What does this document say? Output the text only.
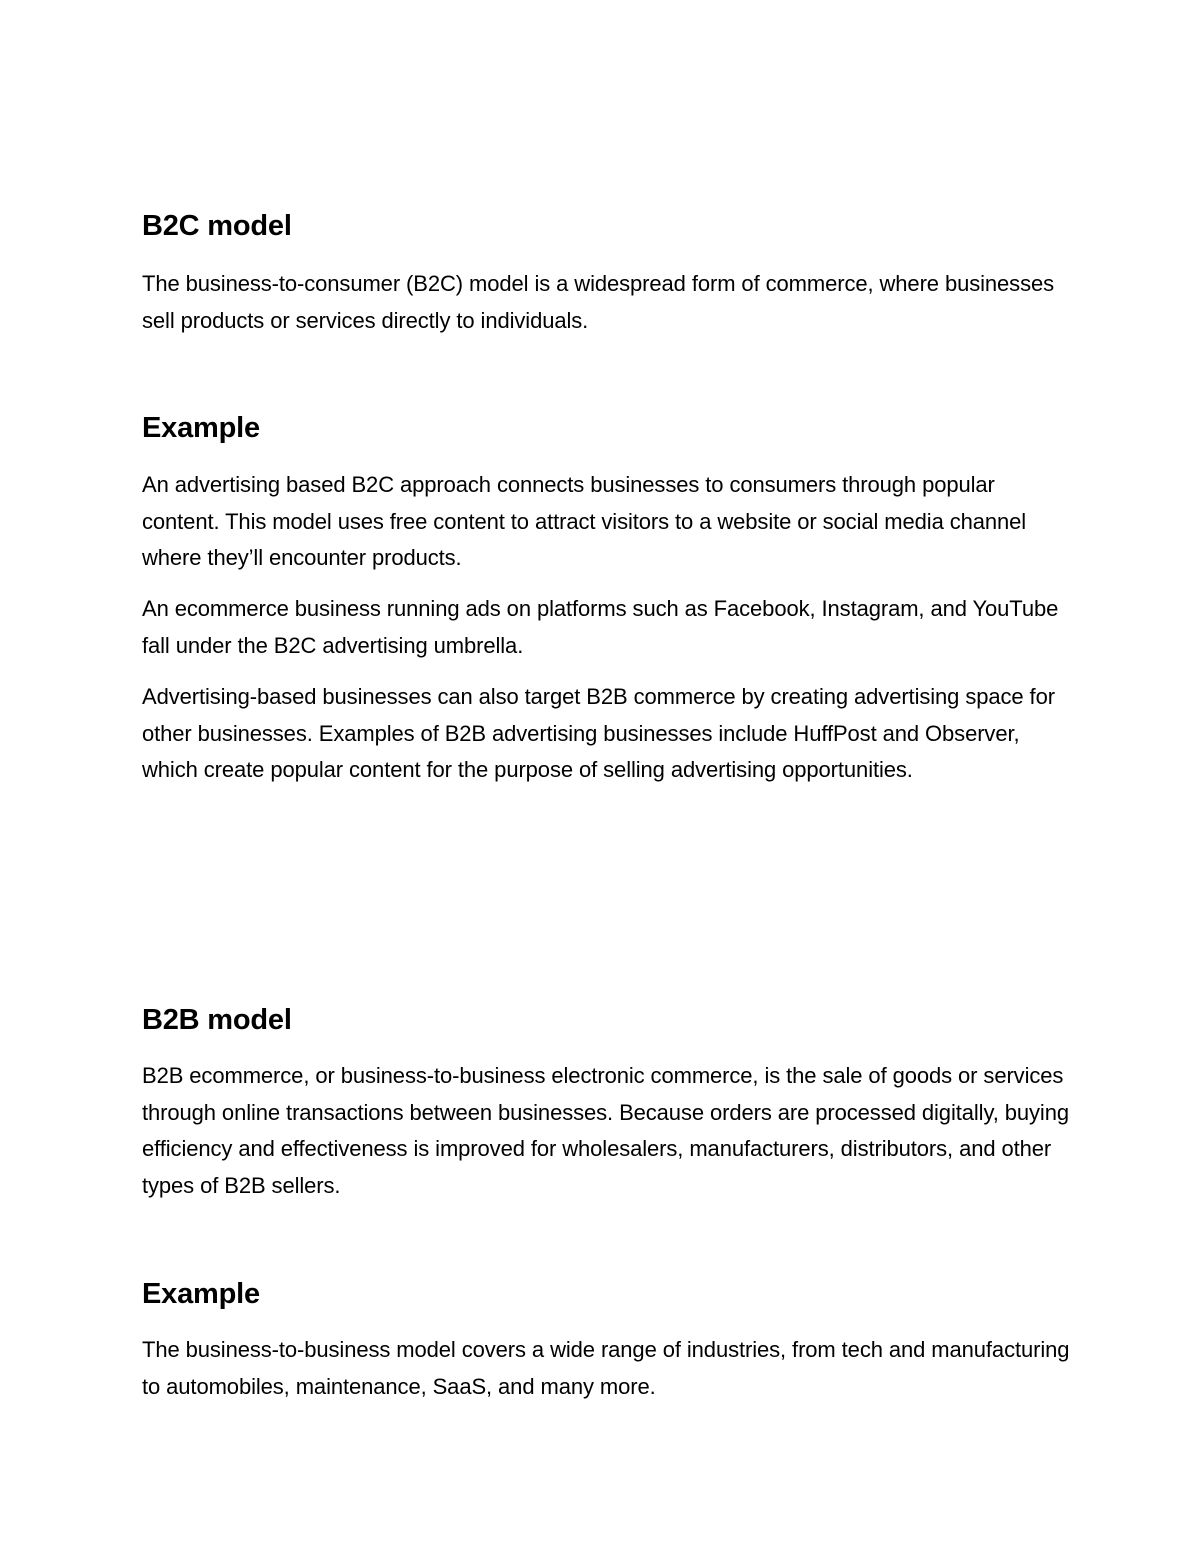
B2C model

The business-to-consumer (B2C) model is a widespread form of commerce, where businesses sell products or services directly to individuals.

Example

An advertising based B2C approach connects businesses to consumers through popular content. This model uses free content to attract visitors to a website or social media channel where they’ll encounter products.

An ecommerce business running ads on platforms such as Facebook, Instagram, and YouTube fall under the B2C advertising umbrella.

Advertising-based businesses can also target B2B commerce by creating advertising space for other businesses. Examples of B2B advertising businesses include HuffPost and Observer, which create popular content for the purpose of selling advertising opportunities.

B2B model

B2B ecommerce, or business-to-business electronic commerce, is the sale of goods or services through online transactions between businesses. Because orders are processed digitally, buying efficiency and effectiveness is improved for wholesalers, manufacturers, distributors, and other types of B2B sellers.

Example

The business-to-business model covers a wide range of industries, from tech and manufacturing to automobiles, maintenance, SaaS, and many more.
